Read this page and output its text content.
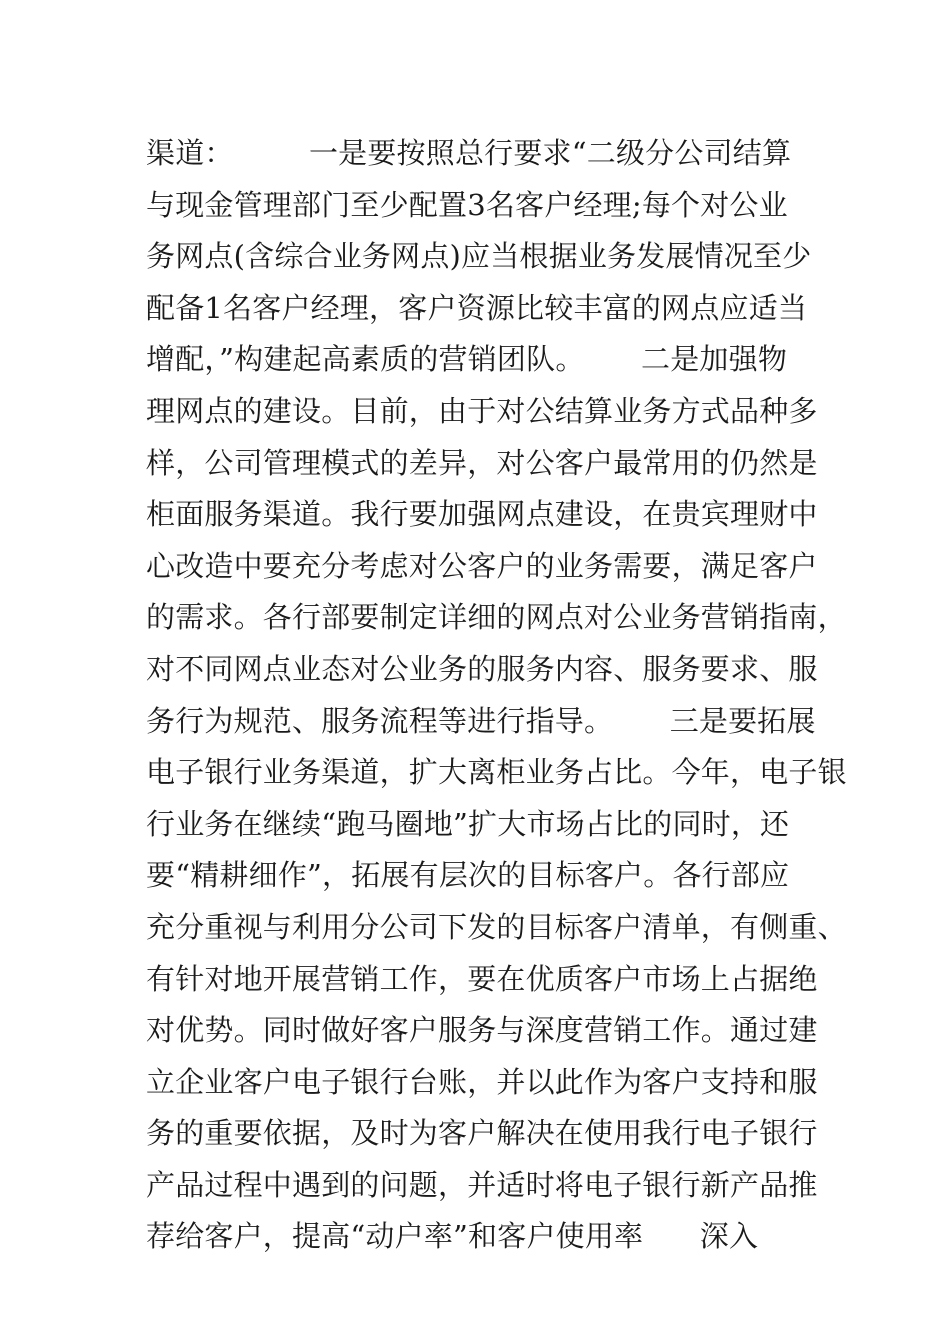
渠道：        一是要按照总行要求“二级分公司结算
与现金管理部门至少配置3名客户经理;每个对公业
务网点(含综合业务网点)应当根据业务发展情况至少
配备1名客户经理，客户资源比较丰富的网点应适当
增配，”构建起高素质的营销团队。      二是加强物
理网点的建设。目前，由于对公结算业务方式品种多
样，公司管理模式的差异，对公客户最常用的仍然是
柜面服务渠道。我行要加强网点建设，在贵宾理财中
心改造中要充分考虑对公客户的业务需要，满足客户
的需求。各行部要制定详细的网点对公业务营销指南，
对不同网点业态对公业务的服务内容、服务要求、服
务行为规范、服务流程等进行指导。      三是要拓展
电子银行业务渠道，扩大离柜业务占比。今年，电子银
行业务在继续“跑马圈地”扩大市场占比的同时，还
要“精耕细作”，拓展有层次的目标客户。各行部应
充分重视与利用分公司下发的目标客户清单，有侧重、
有针对地开展营销工作，要在优质客户市场上占据绝
对优势。同时做好客户服务与深度营销工作。通过建
立企业客户电子银行台账，并以此作为客户支持和服
务的重要依据，及时为客户解决在使用我行电子银行
产品过程中遇到的问题，并适时将电子银行新产品推
荐给客户，提高“动户率”和客户使用率      深入
